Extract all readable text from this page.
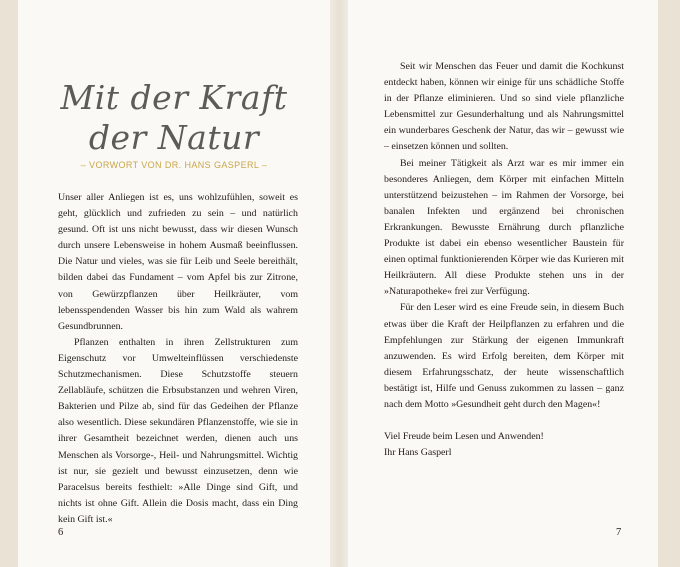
Mit der Kraft
der Natur
– VORWORT VON DR. HANS GASPERL –

Unser aller Anliegen ist es, uns wohlzufühlen, soweit es geht, glücklich und zufrieden zu sein – und natürlich gesund. Oft ist uns nicht bewusst, dass wir diesen Wunsch durch unsere Lebensweise in hohem Ausmaß beeinflussen. Die Natur und vieles, was sie für Leib und Seele bereithält, bilden dabei das Fundament – vom Apfel bis zur Zitrone, von Gewürzpflanzen über Heilkräuter, vom lebensspendenden Wasser bis hin zum Wald als wahrem Gesundbrunnen.

Pflanzen enthalten in ihren Zellstrukturen zum Eigenschutz vor Umwelteinflüssen verschiedenste Schutzmechanismen. Diese Schutzstoffe steuern Zellabläufe, schützen die Erbsubstanzen und wehren Viren, Bakterien und Pilze ab, sind für das Gedeihen der Pflanze also wesentlich. Diese sekundären Pflanzenstoffe, wie sie in ihrer Gesamtheit bezeichnet werden, dienen auch uns Menschen als Vorsorge-, Heil- und Nahrungsmittel. Wichtig ist nur, sie gezielt und bewusst einzusetzen, denn wie Paracelsus bereits festhielt: »Alle Dinge sind Gift, und nichts ist ohne Gift. Allein die Dosis macht, dass ein Ding kein Gift ist.«

6

Seit wir Menschen das Feuer und damit die Kochkunst entdeckt haben, können wir einige für uns schädliche Stoffe in der Pflanze eliminieren. Und so sind viele pflanzliche Lebensmittel zur Gesunderhaltung und als Nahrungsmittel ein wunderbares Geschenk der Natur, das wir – gewusst wie – einsetzen können und sollten.

Bei meiner Tätigkeit als Arzt war es mir immer ein besonderes Anliegen, dem Körper mit einfachen Mitteln unterstützend beizustehen – im Rahmen der Vorsorge, bei banalen Infekten und ergänzend bei chronischen Erkrankungen. Bewusste Ernährung durch pflanzliche Produkte ist dabei ein ebenso wesentlicher Baustein für einen optimal funktionierenden Körper wie das Kurieren mit Heilkräutern. All diese Produkte stehen uns in der »Naturapotheke« frei zur Verfügung.

Für den Leser wird es eine Freude sein, in diesem Buch etwas über die Kraft der Heilpflanzen zu erfahren und die Empfehlungen zur Stärkung der eigenen Immunkraft anzuwenden. Es wird Erfolg bereiten, dem Körper mit diesem Erfahrungsschatz, der heute wissenschaftlich bestätigt ist, Hilfe und Genuss zukommen zu lassen – ganz nach dem Motto »Gesundheit geht durch den Magen«!

Viel Freude beim Lesen und Anwenden!

Ihr Hans Gasperl

7
